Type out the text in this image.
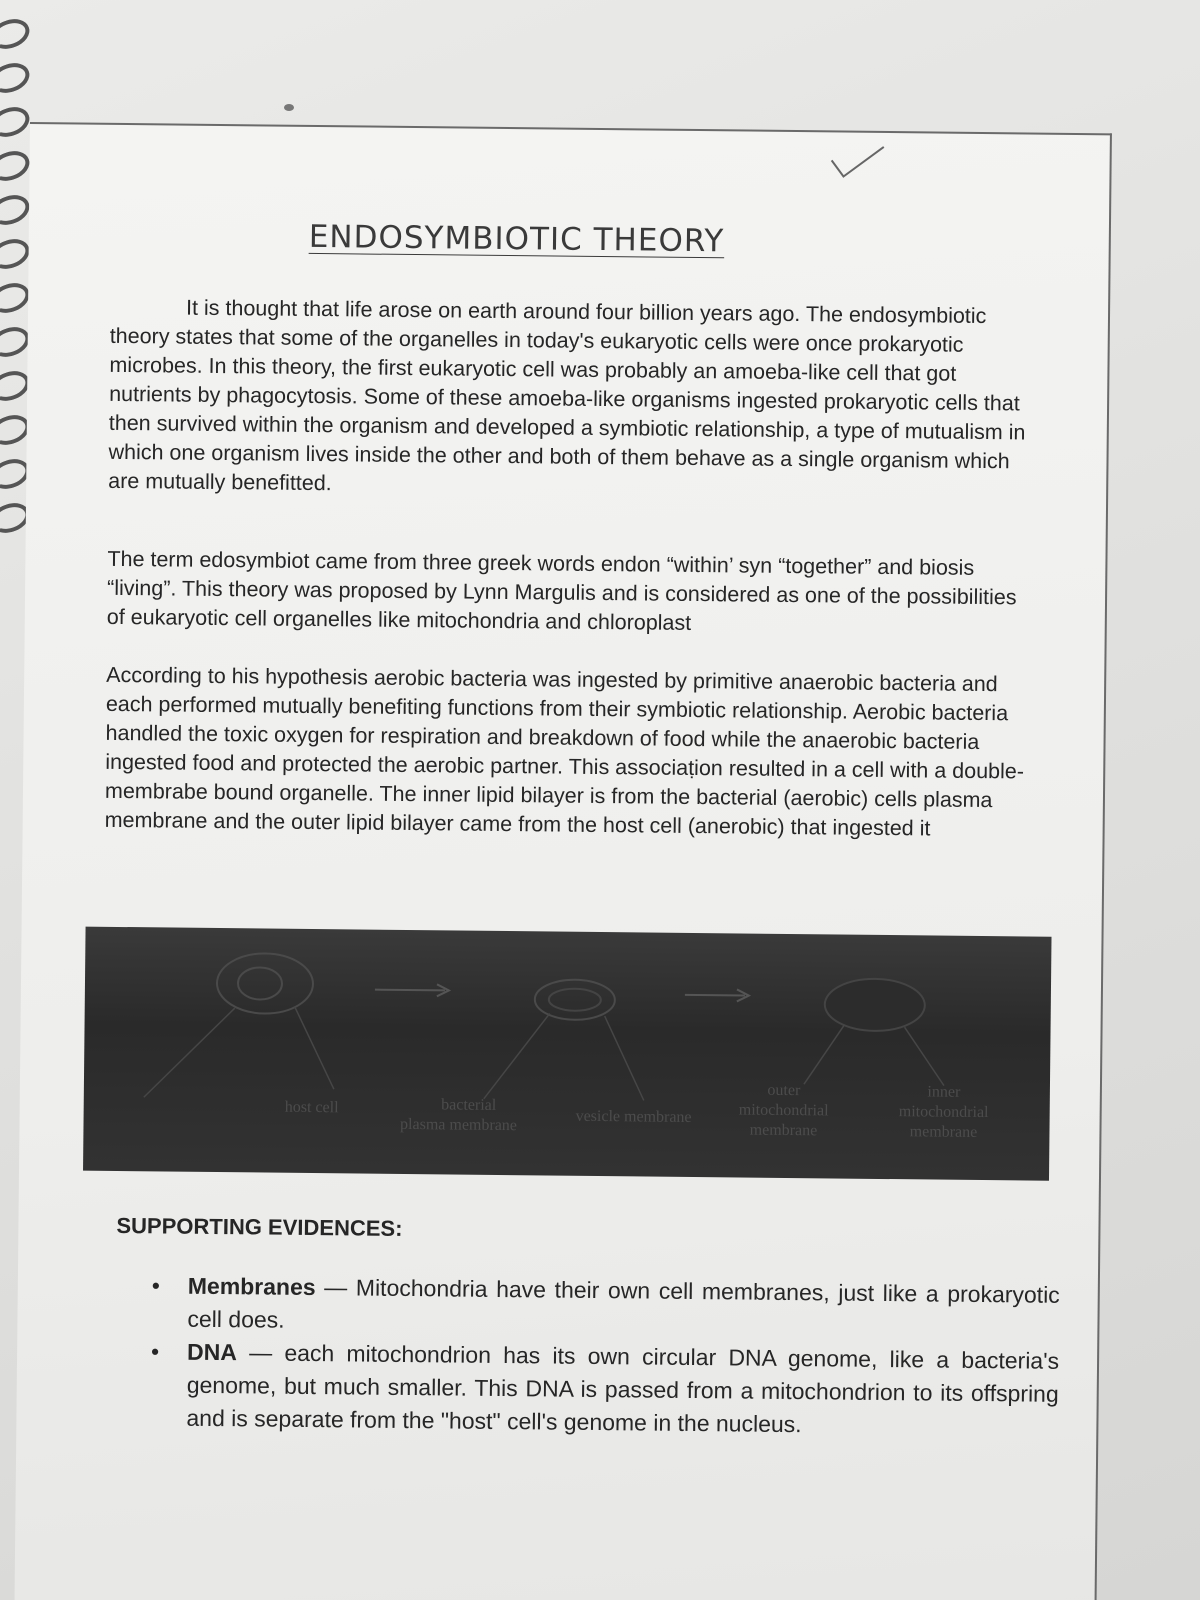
ENDOSYMBIOTIC THEORY

It is thought that life arose on earth around four billion years ago. The endosymbiotic theory states that some of the organelles in today's eukaryotic cells were once prokaryotic microbes. In this theory, the first eukaryotic cell was probably an amoeba-like cell that got nutrients by phagocytosis. Some of these amoeba-like organisms ingested prokaryotic cells that then survived within the organism and developed a symbiotic relationship, a type of mutualism in which one organism lives inside the other and both of them behave as a single organism which are mutually benefitted.

The term edosymbiot came from three greek words endon “within’ syn “together” and biosis “living”. This theory was proposed by Lynn Margulis and is considered as one of the possibilities of eukaryotic cell organelles like mitochondria and chloroplast

According to his hypothesis aerobic bacteria was ingested by primitive anaerobic bacteria and each performed mutually benefiting functions from their symbiotic relationship. Aerobic bacteria handled the toxic oxygen for respiration and breakdown of food while the anaerobic bacteria ingested food and protected the aerobic partner. This associaṭion resulted in a cell with a double-membrabe bound organelle. The inner lipid bilayer is from the bacterial (aerobic) cells plasma membrane and the outer lipid bilayer came from the host cell (anerobic) that ingested it

host cell	bacterial
plasma membrane	vesicle membrane
outer
mitochondrial
membrane
inner
mitochondrial
membrane
SUPPORTING EVIDENCES:
• Membranes — Mitochondria have their own cell membranes, just like a prokaryotic cell does.
• DNA — each mitochondrion has its own circular DNA genome, like a bacteria's genome, but much smaller. This DNA is passed from a mitochondrion to its offspring and is separate from the "host" cell's genome in the nucleus.
